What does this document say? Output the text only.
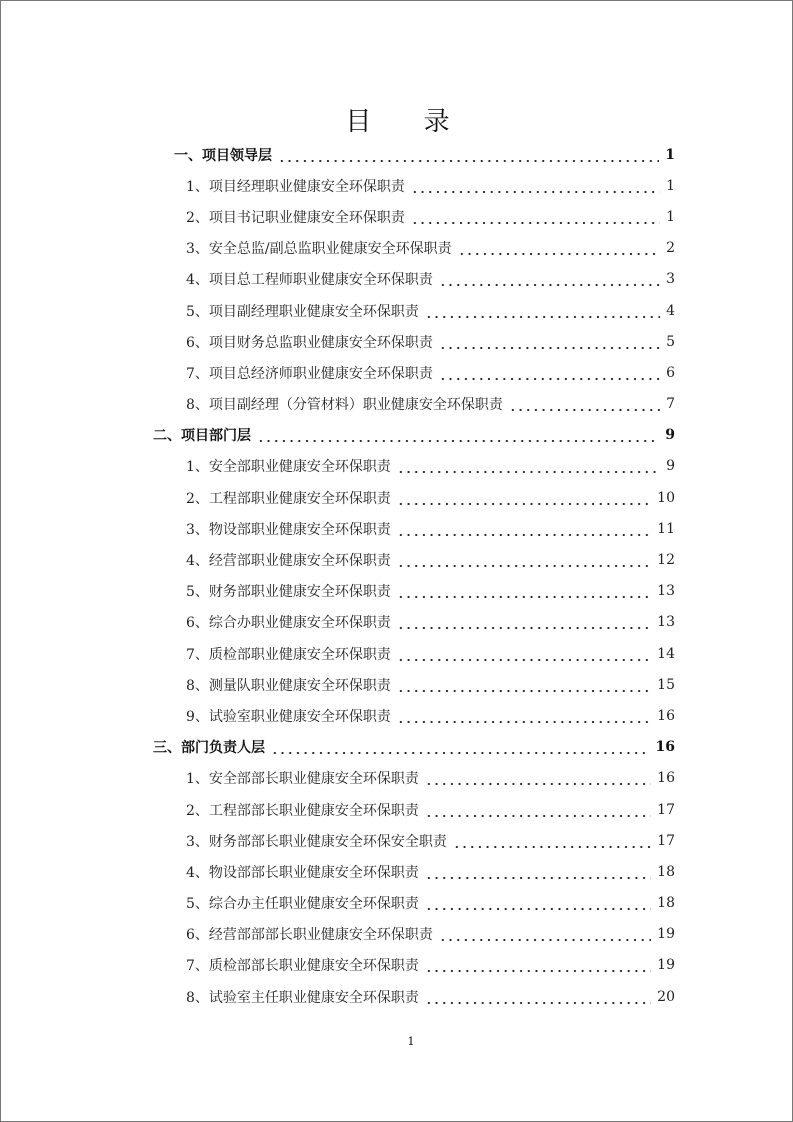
目 录
一、项目领导层	1
1、项目经理职业健康安全环保职责	1
2、项目书记职业健康安全环保职责	1
3、安全总监/副总监职业健康安全环保职责	2
4、项目总工程师职业健康安全环保职责	3
5、项目副经理职业健康安全环保职责	4
6、项目财务总监职业健康安全环保职责	5
7、项目总经济师职业健康安全环保职责	6
8、项目副经理（分管材料）职业健康安全环保职责	7
二、项目部门层	9
1、安全部职业健康安全环保职责	9
2、工程部职业健康安全环保职责	10
3、物设部职业健康安全环保职责	11
4、经营部职业健康安全环保职责	12
5、财务部职业健康安全环保职责	13
6、综合办职业健康安全环保职责	13
7、质检部职业健康安全环保职责	14
8、测量队职业健康安全环保职责	15
9、试验室职业健康安全环保职责	16
三、部门负责人层	16
1、安全部部长职业健康安全环保职责	16
2、工程部部长职业健康安全环保职责	17
3、财务部部长职业健康安全环保安全职责	17
4、物设部部长职业健康安全环保职责	18
5、综合办主任职业健康安全环保职责	18
6、经营部部部长职业健康安全环保职责	19
7、质检部部长职业健康安全环保职责	19
8、试验室主任职业健康安全环保职责	20
1
